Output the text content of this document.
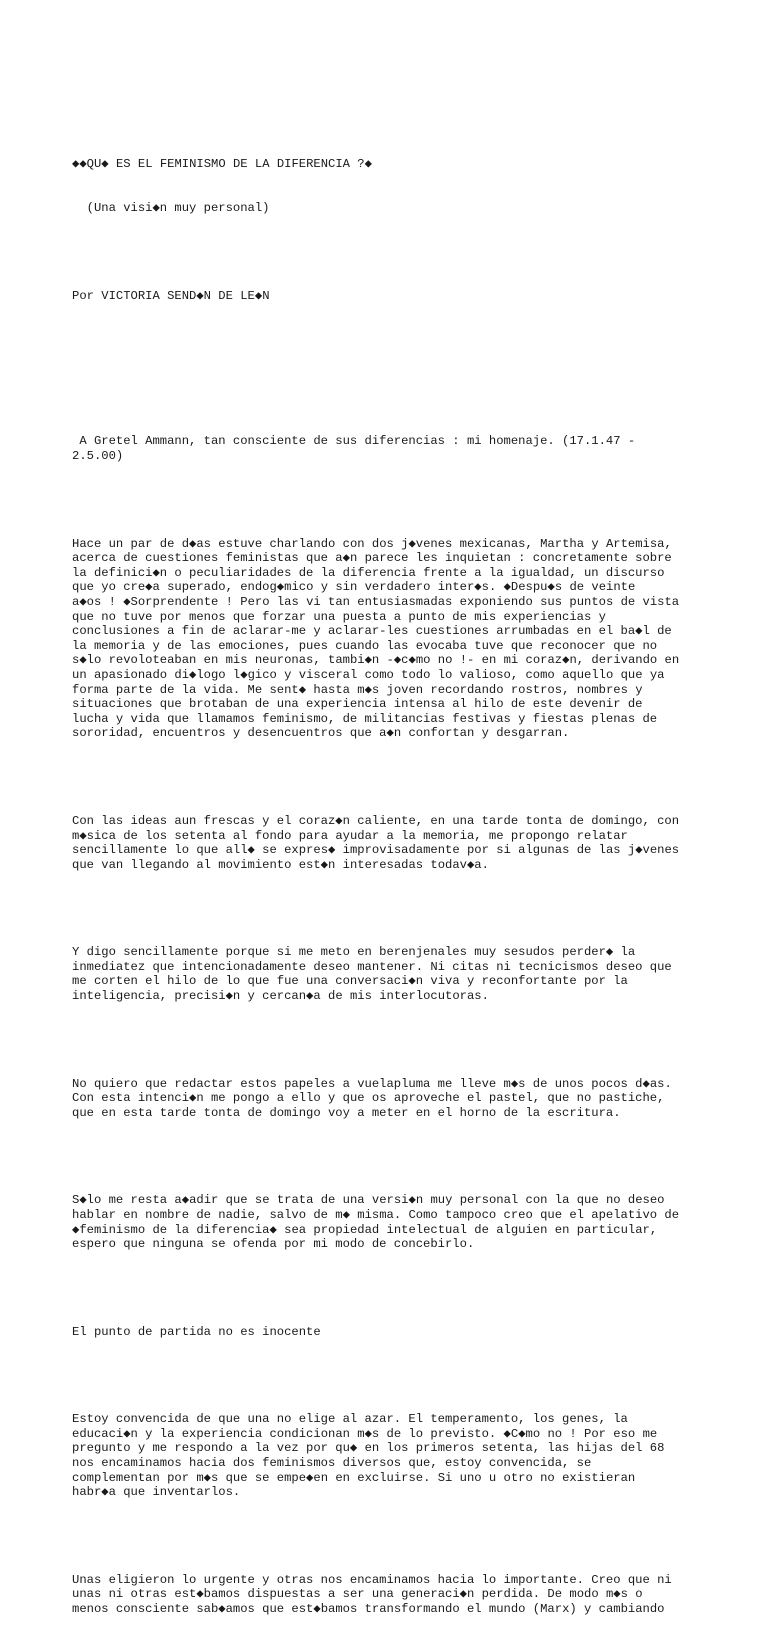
◆◆QU◆ ES EL FEMINISMO DE LA DIFERENCIA ?◆

(Una visi◆n muy personal)

Por VICTORIA SEND◆N DE LE◆N

A Gretel Ammann, tan consciente de sus diferencias : mi homenaje. (17.1.47 -
2.5.00)

Hace un par de d◆as estuve charlando con dos j◆venes mexicanas, Martha y Artemisa,
acerca de cuestiones feministas que a◆n parece les inquietan : concretamente sobre
la definici◆n o peculiaridades de la diferencia frente a la igualdad, un discurso
que yo cre◆a superado, endog◆mico y sin verdadero inter◆s. ◆Despu◆s de veinte
a◆os ! ◆Sorprendente ! Pero las vi tan entusiasmadas exponiendo sus puntos de vista
que no tuve por menos que forzar una puesta a punto de mis experiencias y
conclusiones a fin de aclarar-me y aclarar-les cuestiones arrumbadas en el ba◆l de
la memoria y de las emociones, pues cuando las evocaba tuve que reconocer que no
s◆lo revoloteaban en mis neuronas, tambi◆n -◆c◆mo no !- en mi coraz◆n, derivando en
un apasionado di◆logo l◆gico y visceral como todo lo valioso, como aquello que ya
forma parte de la vida. Me sent◆ hasta m◆s joven recordando rostros, nombres y
situaciones que brotaban de una experiencia intensa al hilo de este devenir de
lucha y vida que llamamos feminismo, de militancias festivas y fiestas plenas de
sororidad, encuentros y desencuentros que a◆n confortan y desgarran.

Con las ideas aun frescas y el coraz◆n caliente, en una tarde tonta de domingo, con
m◆sica de los setenta al fondo para ayudar a la memoria, me propongo relatar
sencillamente lo que all◆ se expres◆ improvisadamente por si algunas de las j◆venes
que van llegando al movimiento est◆n interesadas todav◆a.

Y digo sencillamente porque si me meto en berenjenales muy sesudos perder◆ la
inmediatez que intencionadamente deseo mantener. Ni citas ni tecnicismos deseo que
me corten el hilo de lo que fue una conversaci◆n viva y reconfortante por la
inteligencia, precisi◆n y cercan◆a de mis interlocutoras.

No quiero que redactar estos papeles a vuelapluma me lleve m◆s de unos pocos d◆as.
Con esta intenci◆n me pongo a ello y que os aproveche el pastel, que no pastiche,
que en esta tarde tonta de domingo voy a meter en el horno de la escritura.

S◆lo me resta a◆adir que se trata de una versi◆n muy personal con la que no deseo
hablar en nombre de nadie, salvo de m◆ misma. Como tampoco creo que el apelativo de
◆feminismo de la diferencia◆ sea propiedad intelectual de alguien en particular,
espero que ninguna se ofenda por mi modo de concebirlo.

El punto de partida no es inocente

Estoy convencida de que una no elige al azar. El temperamento, los genes, la
educaci◆n y la experiencia condicionan m◆s de lo previsto. ◆C◆mo no ! Por eso me
pregunto y me respondo a la vez por qu◆ en los primeros setenta, las hijas del 68
nos encaminamos hacia dos feminismos diversos que, estoy convencida, se
complementan por m◆s que se empe◆en en excluirse. Si uno u otro no existieran
habr◆a que inventarlos.

Unas eligieron lo urgente y otras nos encaminamos hacia lo importante. Creo que ni
unas ni otras est◆bamos dispuestas a ser una generaci◆n perdida. De modo m◆s o
menos consciente sab◆amos que est◆bamos transformando el mundo (Marx) y cambiando
